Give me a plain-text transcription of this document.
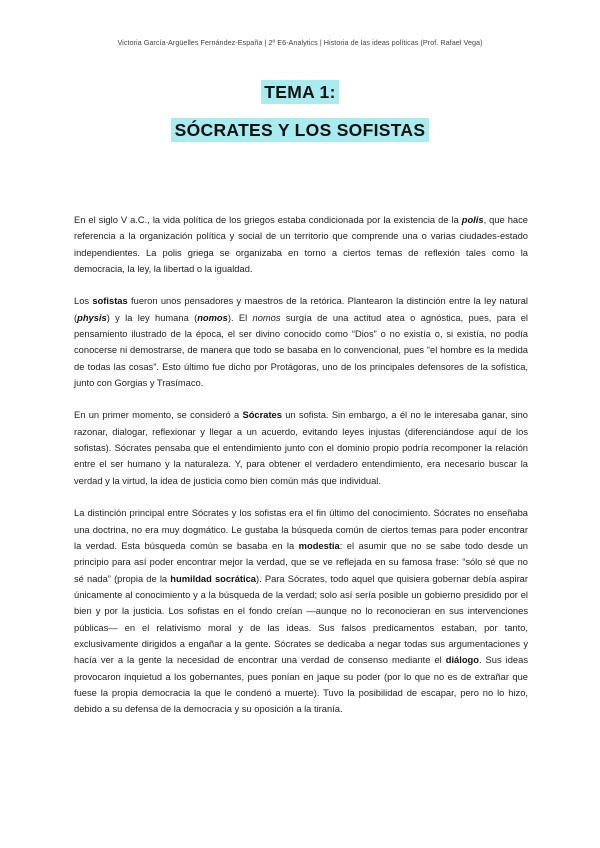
Victoria García-Argüelles Fernández-España | 2º E6-Analytics | Historia de las ideas políticas (Prof. Rafael Vega)
TEMA 1:
SÓCRATES Y LOS SOFISTAS

En el siglo V a.C., la vida política de los griegos estaba condicionada por la existencia de la polis, que hace referencia a la organización política y social de un territorio que comprende una o varias ciudades-estado independientes. La polis griega se organizaba en torno a ciertos temas de reflexión tales como la democracia, la ley, la libertad o la igualdad.

Los sofistas fueron unos pensadores y maestros de la retórica. Plantearon la distinción entre la ley natural (physis) y la ley humana (nomos). El nomos surgía de una actitud atea o agnóstica, pues, para el pensamiento ilustrado de la época, el ser divino conocido como “Dios” o no existía o, si existía, no podía conocerse ni demostrarse, de manera que todo se basaba en lo convencional, pues “el hombre es la medida de todas las cosas”. Esto último fue dicho por Protágoras, uno de los principales defensores de la sofística, junto con Gorgias y Trasímaco.

En un primer momento, se consideró a Sócrates un sofista. Sin embargo, a él no le interesaba ganar, sino razonar, dialogar, reflexionar y llegar a un acuerdo, evitando leyes injustas (diferenciándose aquí de los sofistas). Sócrates pensaba que el entendimiento junto con el dominio propio podría recomponer la relación entre el ser humano y la naturaleza. Y, para obtener el verdadero entendimiento, era necesario buscar la verdad y la virtud, la idea de justicia como bien común más que individual.

La distinción principal entre Sócrates y los sofistas era el fin último del conocimiento. Sócrates no enseñaba una doctrina, no era muy dogmático. Le gustaba la búsqueda común de ciertos temas para poder encontrar la verdad. Esta búsqueda común se basaba en la modestia: el asumir que no se sabe todo desde un principio para así poder encontrar mejor la verdad, que se ve reflejada en su famosa frase: “sólo sé que no sé nada” (propia de la humildad socrática). Para Sócrates, todo aquel que quisiera gobernar debía aspirar únicamente al conocimiento y a la búsqueda de la verdad; solo así sería posible un gobierno presidido por el bien y por la justicia. Los sofistas en el fondo creían —aunque no lo reconocieran en sus intervenciones públicas— en el relativismo moral y de las ideas. Sus falsos predicamentos estaban, por tanto, exclusivamente dirigidos a engañar a la gente. Sócrates se dedicaba a negar todas sus argumentaciones y hacía ver a la gente la necesidad de encontrar una verdad de consenso mediante el diálogo. Sus ideas provocaron inquietud a los gobernantes, pues ponían en jaque su poder (por lo que no es de extrañar que fuese la propia democracia la que le condenó a muerte). Tuvo la posibilidad de escapar, pero no lo hizo, debido a su defensa de la democracia y su oposición a la tiranía.
